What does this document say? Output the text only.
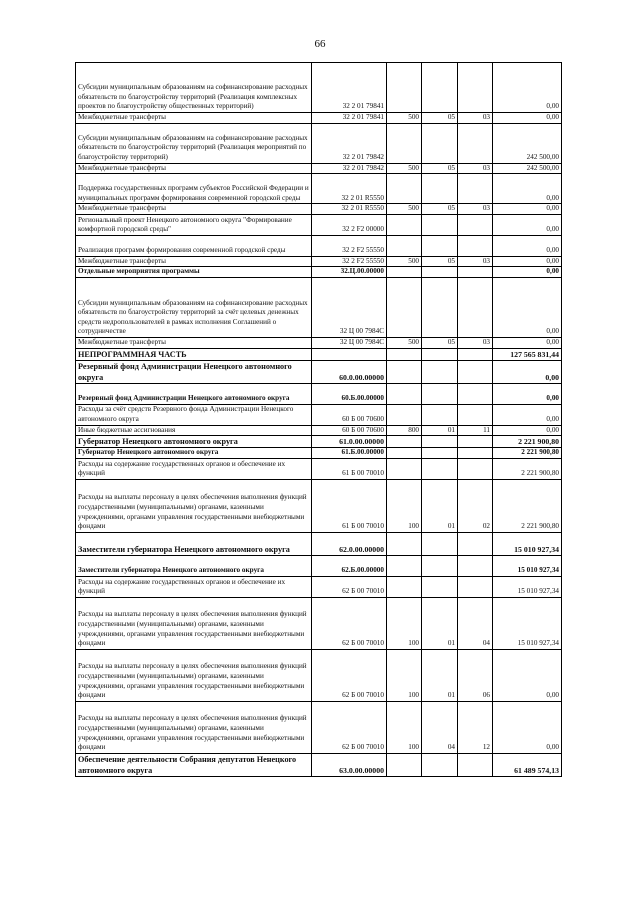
66
Субсидии муниципальным образованиям на софинансирование расходных обязательств по благоустройству территорий (Реализация комплексных проектов по благоустройству общественных территорий)	32 2 01 79841				0,00
Межбюджетные трансферты	32 2 01 79841	500	05	03	0,00
Субсидии муниципальным образованиям на софинансирование расходных обязательств по благоустройству территорий (Реализация мероприятий по благоустройству территорий)	32 2 01 79842				242 500,00
Межбюджетные трансферты	32 2 01 79842	500	05	03	242 500,00
Поддержка государственных программ субъектов Российской Федерации и муниципальных программ формирования современной городской среды	32 2 01 R5550				0,00
Межбюджетные трансферты	32 2 01 R5550	500	05	03	0,00
Региональный проект Ненецкого автономного округа "Формирование комфортной городской среды"	32 2 F2 00000				0,00
Реализация программ формирования современной городской среды	32 2 F2 55550				0,00
Межбюджетные трансферты	32 2 F2 55550	500	05	03	0,00
Отдельные мероприятия программы	32.Ц.00.00000				0,00
Субсидии муниципальным образованиям на софинансирование расходных обязательств по благоустройству территорий за счёт целевых денежных средств недропользователей в рамках исполнения Соглашений о сотрудничестве	32 Ц 00 7984С				0,00
Межбюджетные трансферты	32 Ц 00 7984С	500	05	03	0,00
НЕПРОГРАММНАЯ ЧАСТЬ					127 565 831,44
Резервный фонд Администрации Ненецкого автономного округа	60.0.00.00000				0,00
Резервный фонд Администрации Ненецкого автономного округа	60.Б.00.00000				0,00
Расходы за счёт средств Резервного фонда Администрации Ненецкого автономного округа	60 Б 00 70600				0,00
Иные бюджетные ассигнования	60 Б 00 70600	800	01	11	0,00
Губернатор Ненецкого автономного округа	61.0.00.00000				2 221 900,80
Губернатор Ненецкого автономного округа	61.Б.00.00000				2 221 900,80
Расходы на содержание государственных органов и обеспечение их функций	61 Б 00 70010				2 221 900,80
Расходы на выплаты персоналу в целях обеспечения выполнения функций государственными (муниципальными) органами, казенными учреждениями, органами управления государственными внебюджетными фондами	61 Б 00 70010	100	01	02	2 221 900,80
Заместители губернатора Ненецкого автономного округа	62.0.00.00000				15 010 927,34
Заместители губернатора Ненецкого автономного округа	62.Б.00.00000				15 010 927,34
Расходы на содержание государственных органов и обеспечение их функций	62 Б 00 70010				15 010 927,34
Расходы на выплаты персоналу в целях обеспечения выполнения функций государственными (муниципальными) органами, казенными учреждениями, органами управления государственными внебюджетными фондами	62 Б 00 70010	100	01	04	15 010 927,34
Расходы на выплаты персоналу в целях обеспечения выполнения функций государственными (муниципальными) органами, казенными учреждениями, органами управления государственными внебюджетными фондами	62 Б 00 70010	100	01	06	0,00
Расходы на выплаты персоналу в целях обеспечения выполнения функций государственными (муниципальными) органами, казенными учреждениями, органами управления государственными внебюджетными фондами	62 Б 00 70010	100	04	12	0,00
Обеспечение деятельности Собрания депутатов Ненецкого автономного округа	63.0.00.00000				61 489 574,13
